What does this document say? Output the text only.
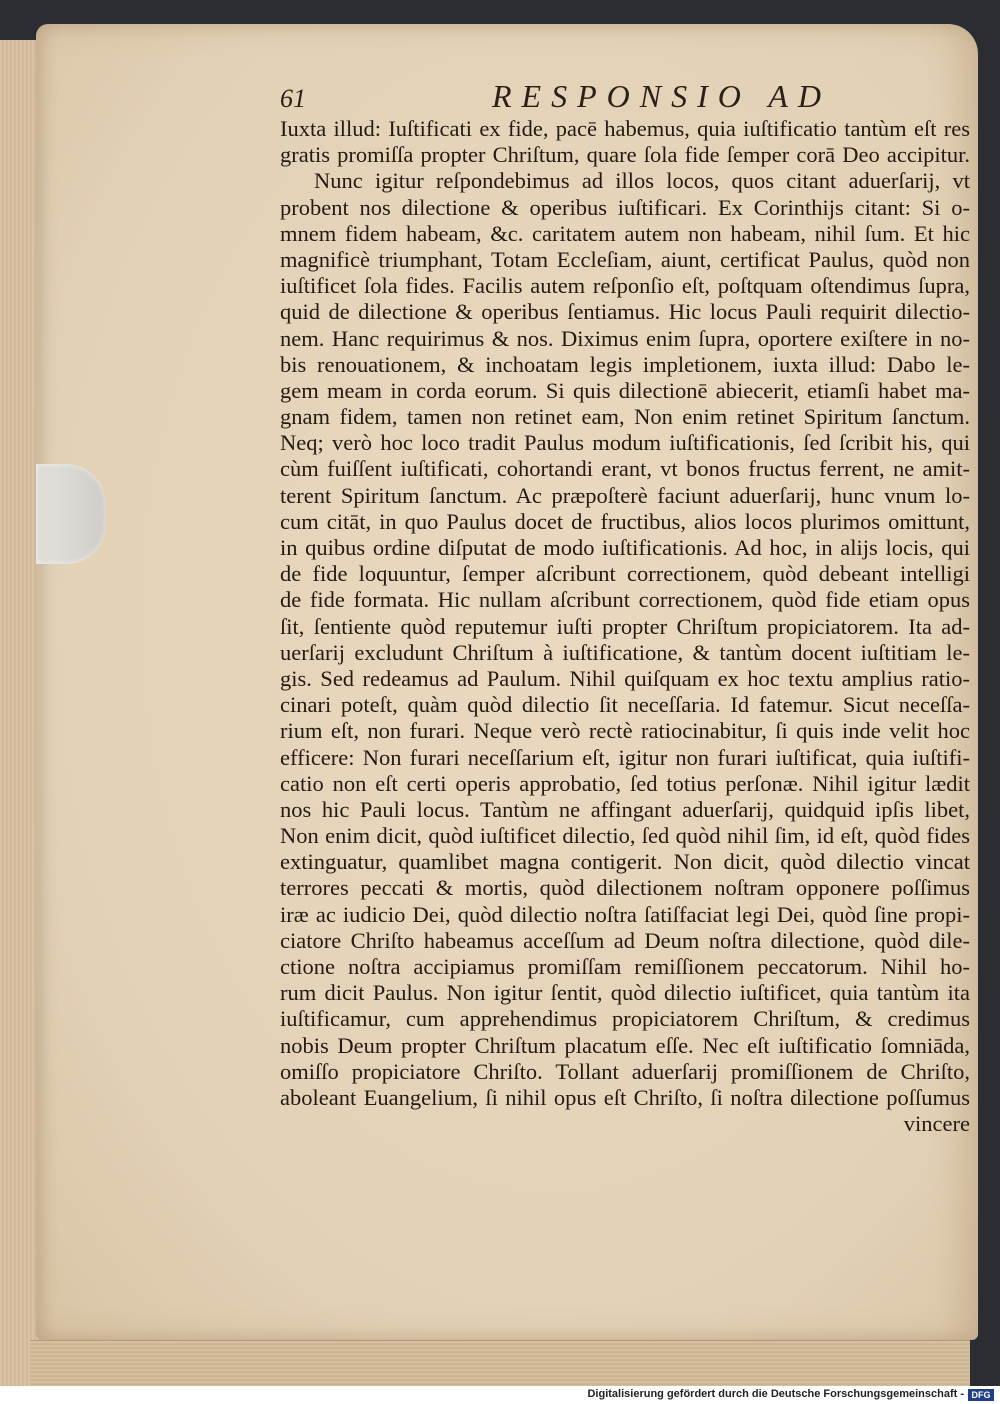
61	RESPONSIO AD
Iuxta illud: Iuſtificati ex fide, pacē habemus, quia iuſtificatio tantùm eſt res
gratis promiſſa propter Chriſtum, quare ſola fide ſemper corā Deo accipitur.
Nunc igitur reſpondebimus ad illos locos, quos citant aduerſarij, vt
probent nos dilectione & operibus iuſtificari. Ex Corinthijs citant: Si o-
mnem fidem habeam, &c. caritatem autem non habeam, nihil ſum. Et hic
magnificè triumphant, Totam Eccleſiam, aiunt, certificat Paulus, quòd non
iuſtificet ſola fides. Facilis autem reſponſio eſt, poſtquam oſtendimus ſupra,
quid de dilectione & operibus ſentiamus. Hic locus Pauli requirit dilectio-
nem. Hanc requirimus & nos. Diximus enim ſupra, oportere exiſtere in no-
bis renouationem, & inchoatam legis impletionem, iuxta illud: Dabo le-
gem meam in corda eorum. Si quis dilectionē abiecerit, etiamſi habet ma-
gnam fidem, tamen non retinet eam, Non enim retinet Spiritum ſanctum.
Neq; verò hoc loco tradit Paulus modum iuſtificationis, ſed ſcribit his, qui
cùm fuiſſent iuſtificati, cohortandi erant, vt bonos fructus ferrent, ne amit-
terent Spiritum ſanctum. Ac præpoſterè faciunt aduerſarij, hunc vnum lo-
cum citāt, in quo Paulus docet de fructibus, alios locos plurimos omittunt,
in quibus ordine diſputat de modo iuſtificationis. Ad hoc, in alijs locis, qui
de fide loquuntur, ſemper aſcribunt correctionem, quòd debeant intelligi
de fide formata. Hic nullam aſcribunt correctionem, quòd fide etiam opus
ſit, ſentiente quòd reputemur iuſti propter Chriſtum propiciatorem. Ita ad-
uerſarij excludunt Chriſtum à iuſtificatione, & tantùm docent iuſtitiam le-
gis. Sed redeamus ad Paulum. Nihil quiſquam ex hoc textu amplius ratio-
cinari poteſt, quàm quòd dilectio ſit neceſſaria. Id fatemur. Sicut neceſſa-
rium eſt, non furari. Neque verò rectè ratiocinabitur, ſi quis inde velit hoc
efficere: Non furari neceſſarium eſt, igitur non furari iuſtificat, quia iuſtifi-
catio non eſt certi operis approbatio, ſed totius perſonæ. Nihil igitur lædit
nos hic Pauli locus. Tantùm ne affingant aduerſarij, quidquid ipſis libet,
Non enim dicit, quòd iuſtificet dilectio, ſed quòd nihil ſim, id eſt, quòd fides
extinguatur, quamlibet magna contigerit. Non dicit, quòd dilectio vincat
terrores peccati & mortis, quòd dilectionem noſtram opponere poſſimus
iræ ac iudicio Dei, quòd dilectio noſtra ſatiſfaciat legi Dei, quòd ſine propi-
ciatore Chriſto habeamus acceſſum ad Deum noſtra dilectione, quòd dile-
ctione noſtra accipiamus promiſſam remiſſionem peccatorum. Nihil ho-
rum dicit Paulus. Non igitur ſentit, quòd dilectio iuſtificet, quia tantùm ita
iuſtificamur, cum apprehendimus propiciatorem Chriſtum, & credimus
nobis Deum propter Chriſtum placatum eſſe. Nec eſt iuſtificatio ſomniāda,
omiſſo propiciatore Chriſto. Tollant aduerſarij promiſſionem de Chriſto,
aboleant Euangelium, ſi nihil opus eſt Chriſto, ſi noſtra dilectione poſſumus
vincere
Digitalisierung gefördert durch die Deutsche Forschungsgemeinschaft - DFG
